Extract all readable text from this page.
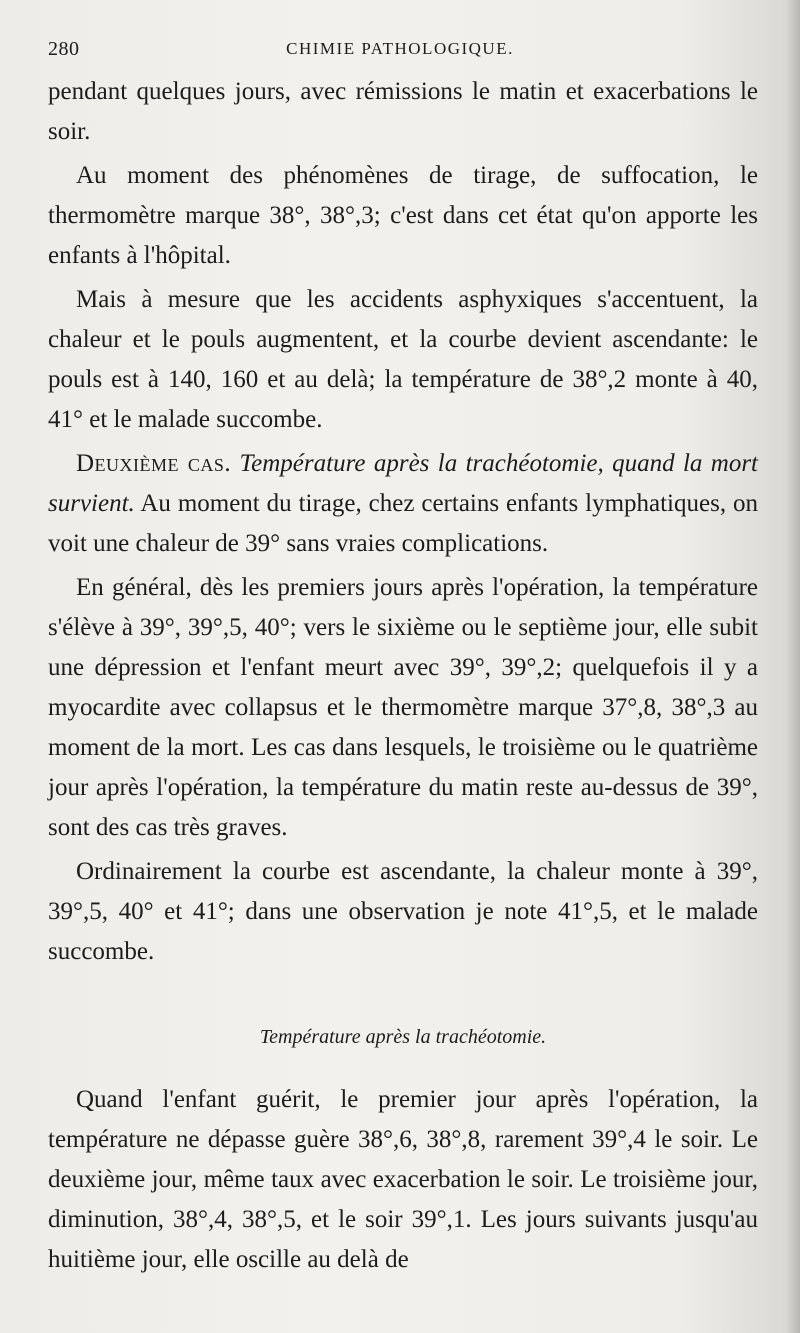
280	CHIMIE PATHOLOGIQUE.

pendant quelques jours, avec rémissions le matin et exacerbations le soir.

Au moment des phénomènes de tirage, de suffocation, le thermomètre marque 38°, 38°,3; c'est dans cet état qu'on apporte les enfants à l'hôpital.

Mais à mesure que les accidents asphyxiques s'accentuent, la chaleur et le pouls augmentent, et la courbe devient ascendante: le pouls est à 140, 160 et au delà; la température de 38°,2 monte à 40, 41° et le malade succombe.

Deuxième cas. Température après la trachéotomie, quand la mort survient. Au moment du tirage, chez certains enfants lymphatiques, on voit une chaleur de 39° sans vraies complications.

En général, dès les premiers jours après l'opération, la température s'élève à 39°, 39°,5, 40°; vers le sixième ou le septième jour, elle subit une dépression et l'enfant meurt avec 39°, 39°,2; quelquefois il y a myocardite avec collapsus et le thermomètre marque 37°,8, 38°,3 au moment de la mort. Les cas dans lesquels, le troisième ou le quatrième jour après l'opération, la température du matin reste au-dessus de 39°, sont des cas très graves.

Ordinairement la courbe est ascendante, la chaleur monte à 39°, 39°,5, 40° et 41°; dans une observation je note 41°,5, et le malade succombe.

Température après la trachéotomie.

Quand l'enfant guérit, le premier jour après l'opération, la température ne dépasse guère 38°,6, 38°,8, rarement 39°,4 le soir. Le deuxième jour, même taux avec exacerbation le soir. Le troisième jour, diminution, 38°,4, 38°,5, et le soir 39°,1. Les jours suivants jusqu'au huitième jour, elle oscille au delà de
